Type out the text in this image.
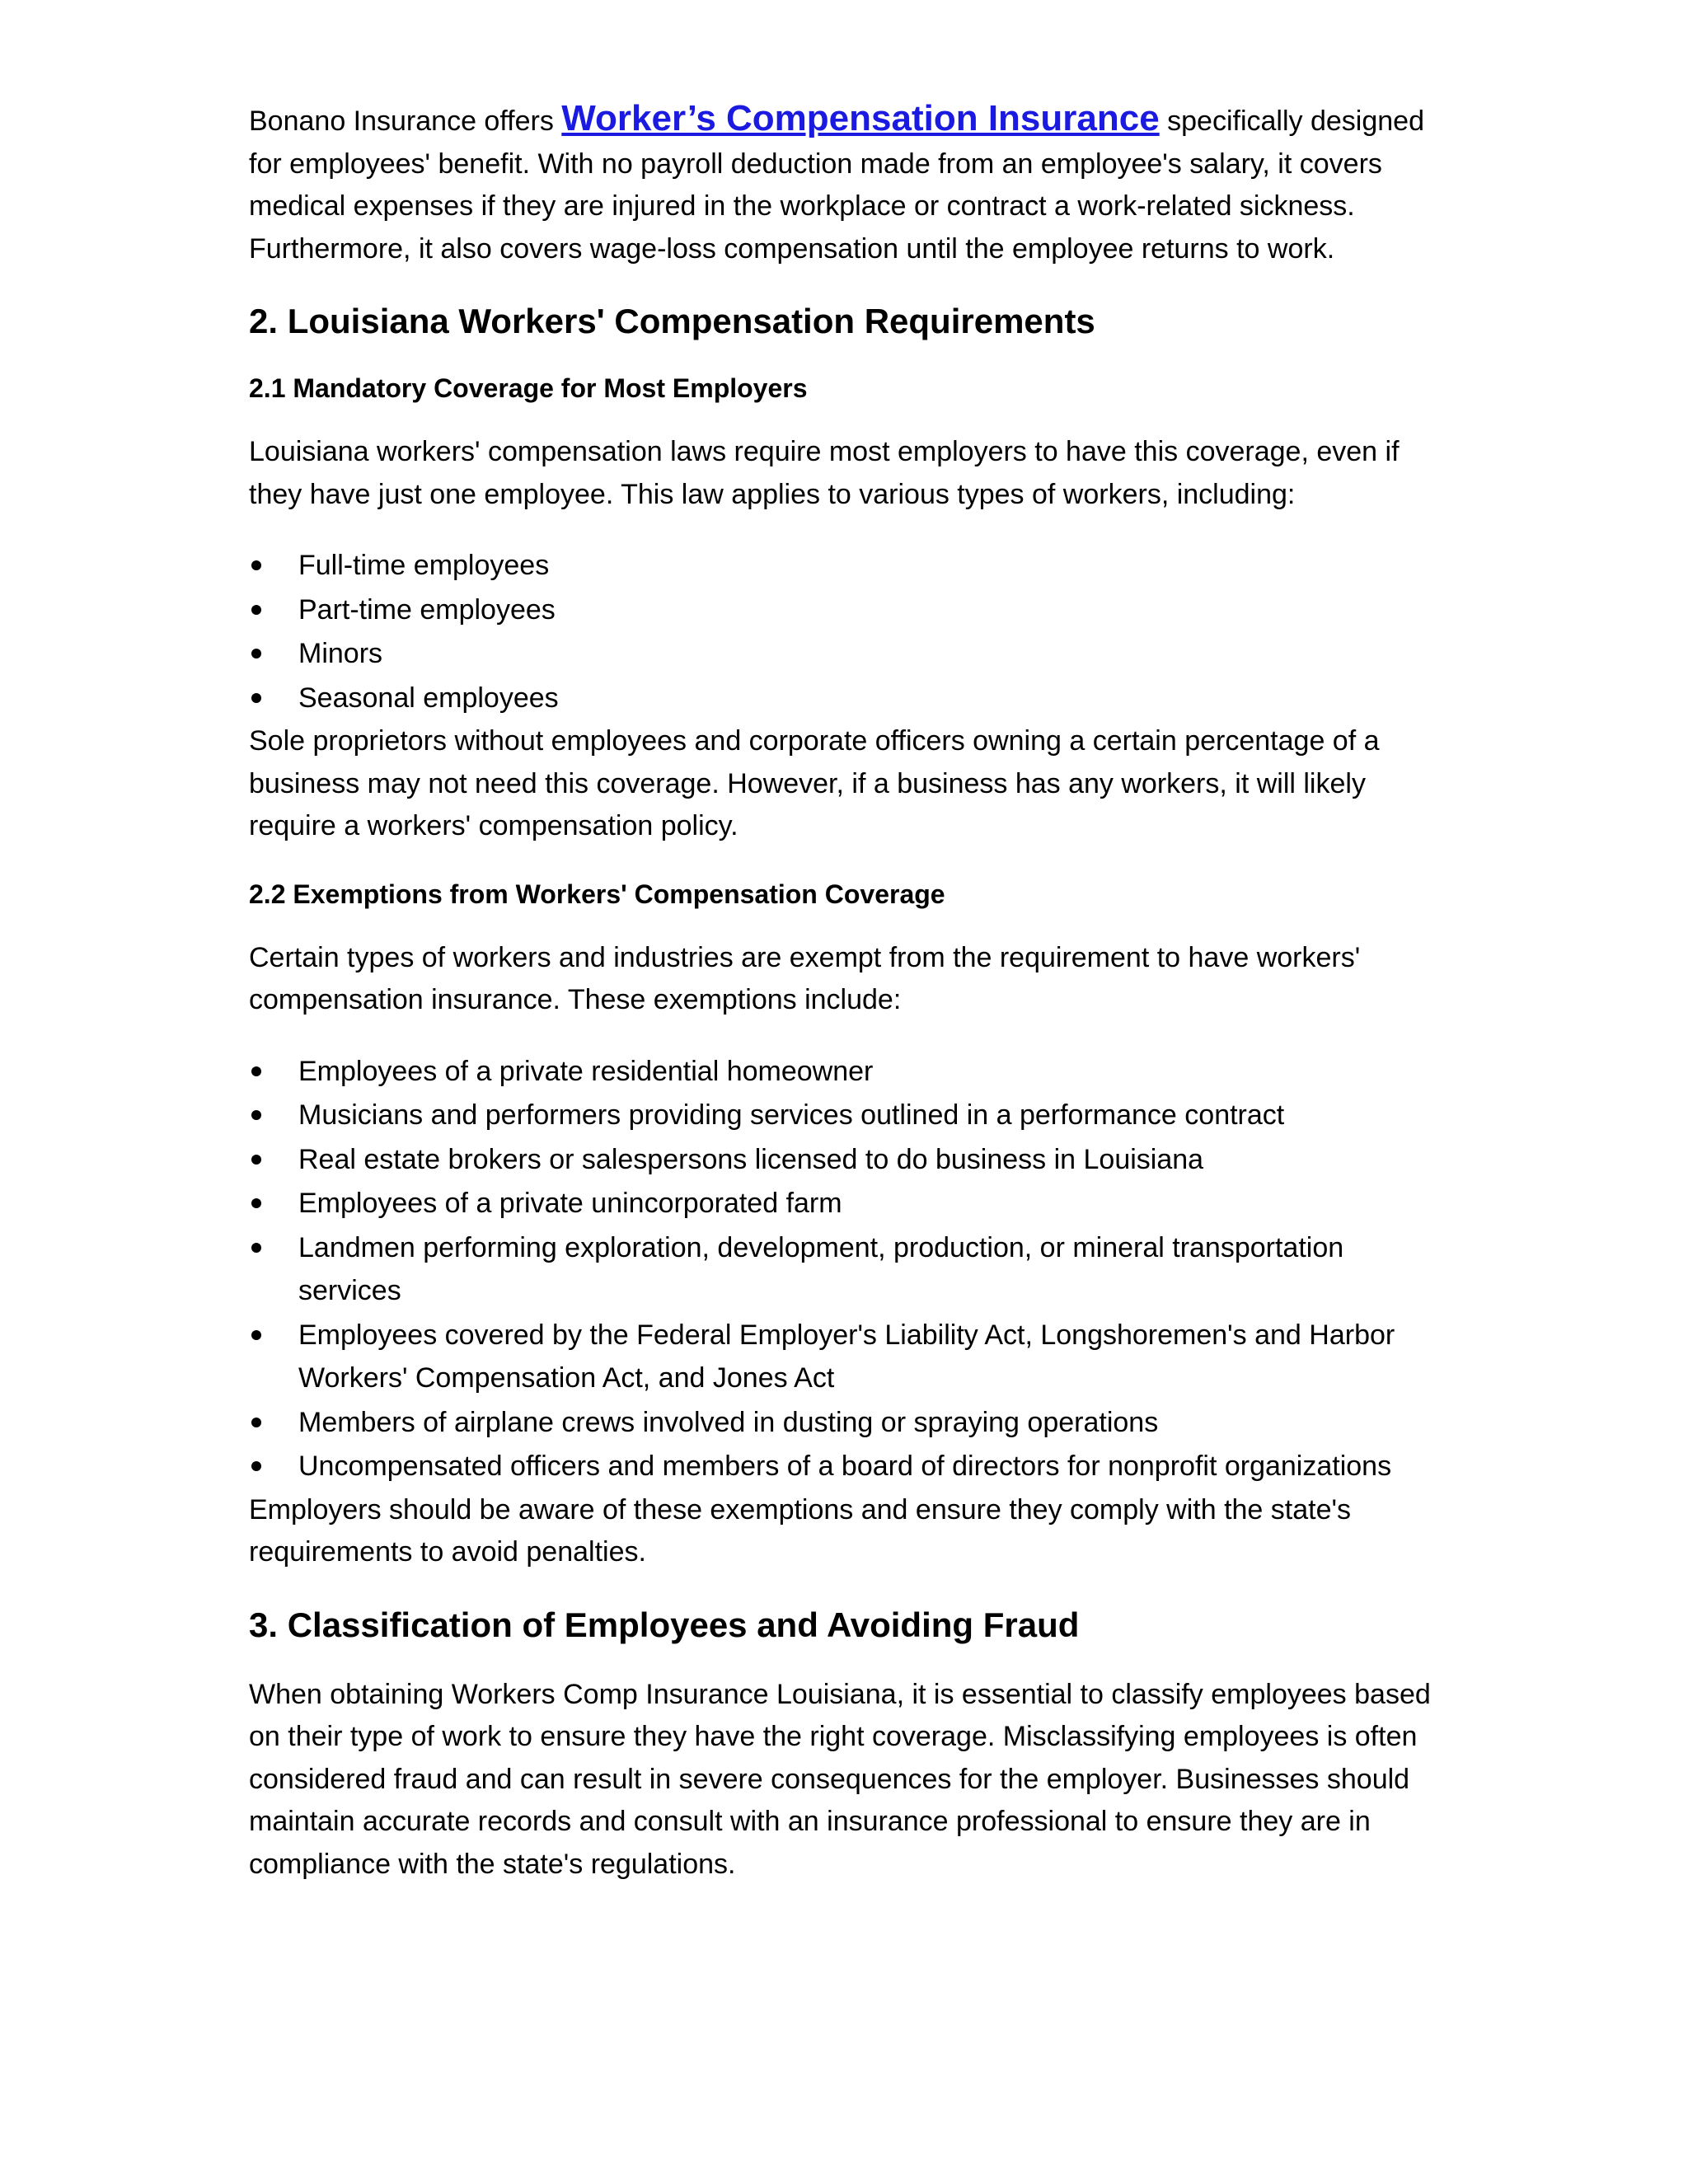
Bonano Insurance offers Worker’s Compensation Insurance specifically designed for employees' benefit. With no payroll deduction made from an employee's salary, it covers medical expenses if they are injured in the workplace or contract a work-related sickness. Furthermore, it also covers wage-loss compensation until the employee returns to work.

2. Louisiana Workers' Compensation Requirements
2.1 Mandatory Coverage for Most Employers

Louisiana workers' compensation laws require most employers to have this coverage, even if they have just one employee. This law applies to various types of workers, including:

Full-time employees
Part-time employees
Minors
Seasonal employees

Sole proprietors without employees and corporate officers owning a certain percentage of a business may not need this coverage. However, if a business has any workers, it will likely require a workers' compensation policy.

2.2 Exemptions from Workers' Compensation Coverage

Certain types of workers and industries are exempt from the requirement to have workers' compensation insurance. These exemptions include:

Employees of a private residential homeowner
Musicians and performers providing services outlined in a performance contract
Real estate brokers or salespersons licensed to do business in Louisiana
Employees of a private unincorporated farm
Landmen performing exploration, development, production, or mineral transportation services
Employees covered by the Federal Employer's Liability Act, Longshoremen's and Harbor Workers' Compensation Act, and Jones Act
Members of airplane crews involved in dusting or spraying operations
Uncompensated officers and members of a board of directors for nonprofit organizations

Employers should be aware of these exemptions and ensure they comply with the state's requirements to avoid penalties.

3. Classification of Employees and Avoiding Fraud

When obtaining Workers Comp Insurance Louisiana, it is essential to classify employees based on their type of work to ensure they have the right coverage. Misclassifying employees is often considered fraud and can result in severe consequences for the employer. Businesses should maintain accurate records and consult with an insurance professional to ensure they are in compliance with the state's regulations.
